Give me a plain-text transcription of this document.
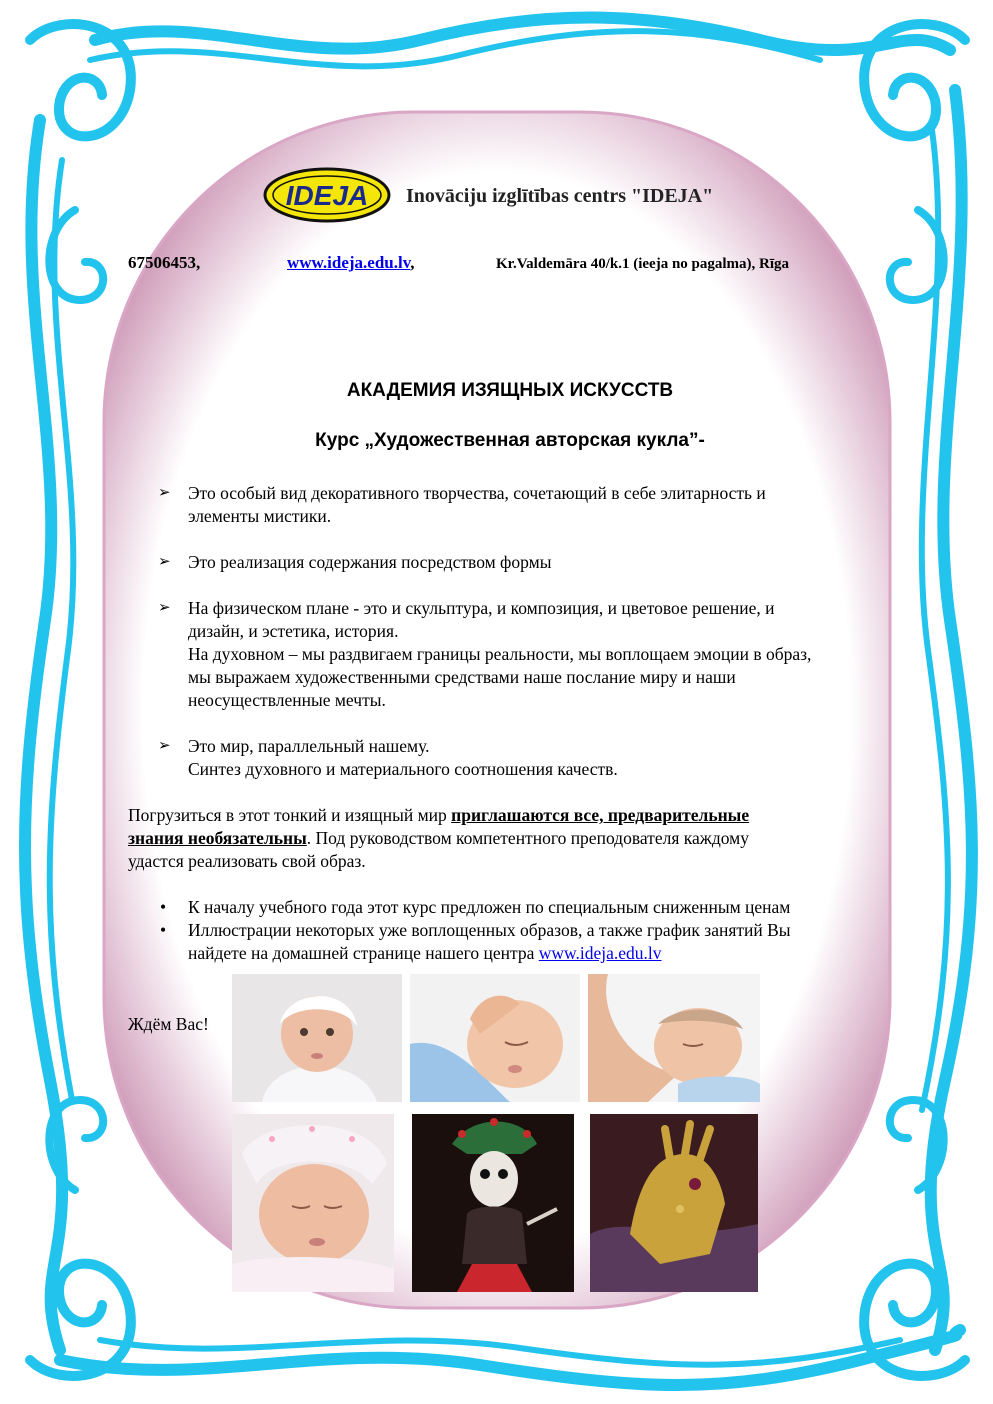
IDEJA Inovāciju izglītības centrs "IDEJA"
67506453,	www.ideja.edu.lv,	Kr.Valdemāra 40/k.1 (ieeja no pagalma), Rīga
АКАДЕМИЯ ИЗЯЩНЫХ ИСКУССТВ
Курс „Художественная авторская кукла”-
➢ Это особый вид декоративного творчества, сочетающий в себе элитарность и
элементы мистики.
➢ Это реализация содержания посредством формы
➢ На физическом плане - это и скульптура, и композиция, и цветовое решение, и
дизайн, и эстетика, история.
На духовном – мы раздвигаем границы реальности, мы воплощаем эмоции в образ,
мы выражаем художественными средствами наше послание миру и наши
неосуществленные мечты.
➢ Это мир, параллельный нашему.
Синтез духовного и материального соотношения качеств.
Погрузиться в этот тонкий и изящный мир приглашаются все, предварительные
знания необязательны. Под руководством компетентного преподователя каждому
удастся реализовать свой образ.
• К началу учебного года этот курс предложен по специальным сниженным ценам
• Иллюстрации некоторых уже воплощенных образов, а также график занятий Вы
найдете на домашней странице нашего центра www.ideja.edu.lv
Ждём Вас!
